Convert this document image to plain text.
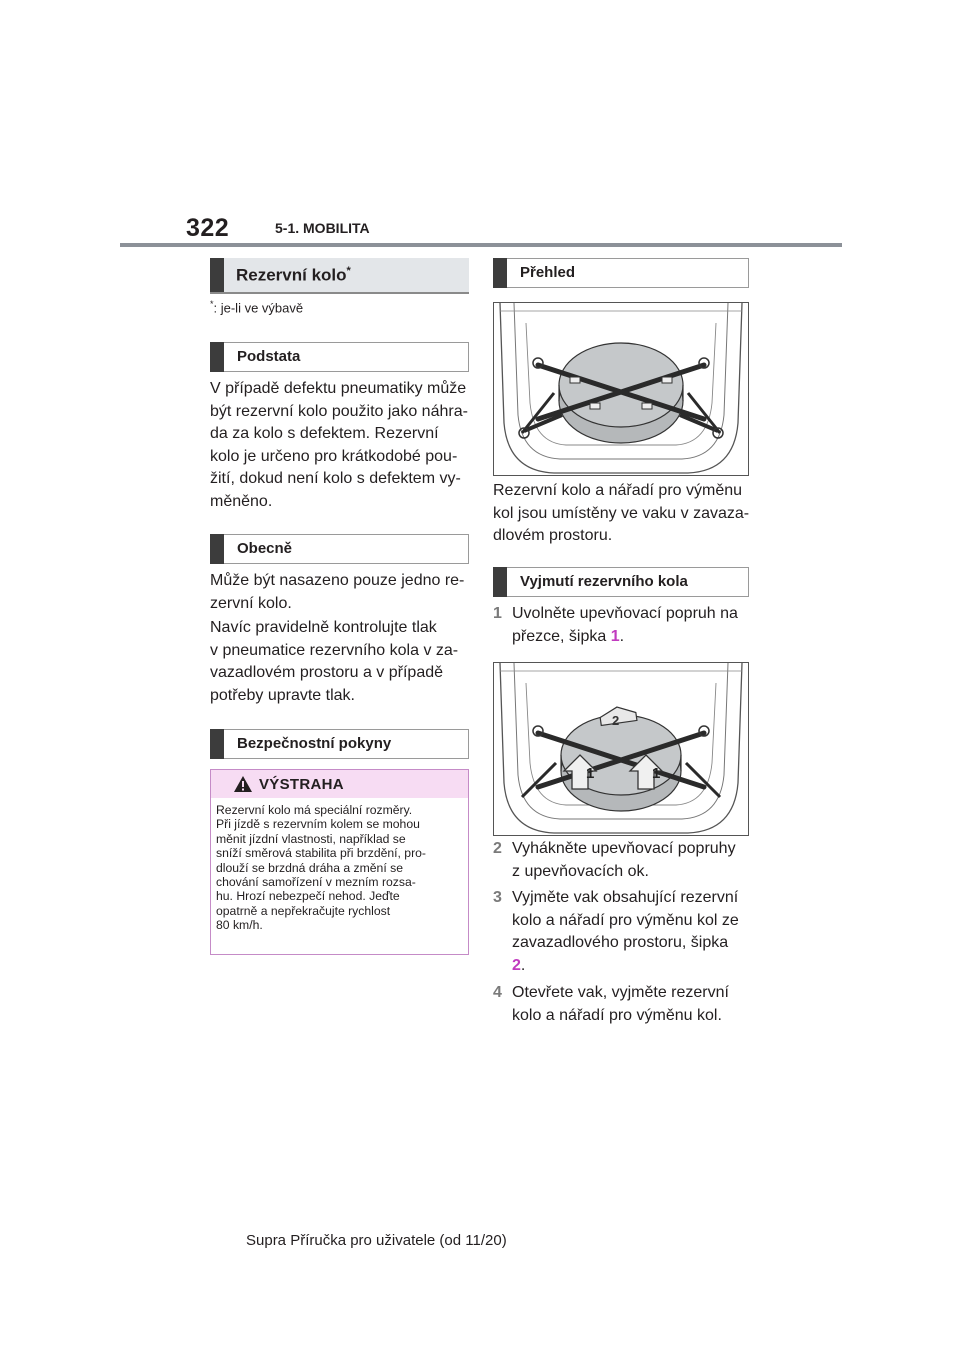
322	5-1. MOBILITA
Rezervní kolo*
*: je-li ve výbavě
Podstata
V případě defektu pneumatiky může
být rezervní kolo použito jako náhra-
da za kolo s defektem. Rezervní
kolo je určeno pro krátkodobé pou-
žití, dokud není kolo s defektem vy-
měněno.
Obecně
Může být nasazeno pouze jedno re-
zervní kolo.
Navíc pravidelně kontrolujte tlak
v pneumatice rezervního kola v za-
vazadlovém prostoru a v případě
potřeby upravte tlak.
Bezpečnostní pokyny
VÝSTRAHA
Rezervní kolo má speciální rozměry.
Při jízdě s rezervním kolem se mohou
měnit jízdní vlastnosti, například se
sníží směrová stabilita při brzdění, pro-
dlouží se brzdná dráha a změní se
chování samořízení v mezním rozsa-
hu. Hrozí nebezpečí nehod. Jeďte
opatrně a nepřekračujte rychlost
80 km/h.
Přehled
Rezervní kolo a nářadí pro výměnu
kol jsou umístěny ve vaku v zavaza-
dlovém prostoru.
Vyjmutí rezervního kola
1 Uvolněte upevňovací popruh na
přezce, šipka 1.
2
1	1
2 Vyhákněte upevňovací popruhy
z upevňovacích ok.
3 Vyjměte vak obsahující rezervní
kolo a nářadí pro výměnu kol ze
zavazadlového prostoru, šipka
2.
4 Otevřete vak, vyjměte rezervní
kolo a nářadí pro výměnu kol.
Supra Příručka pro uživatele (od 11/20)
